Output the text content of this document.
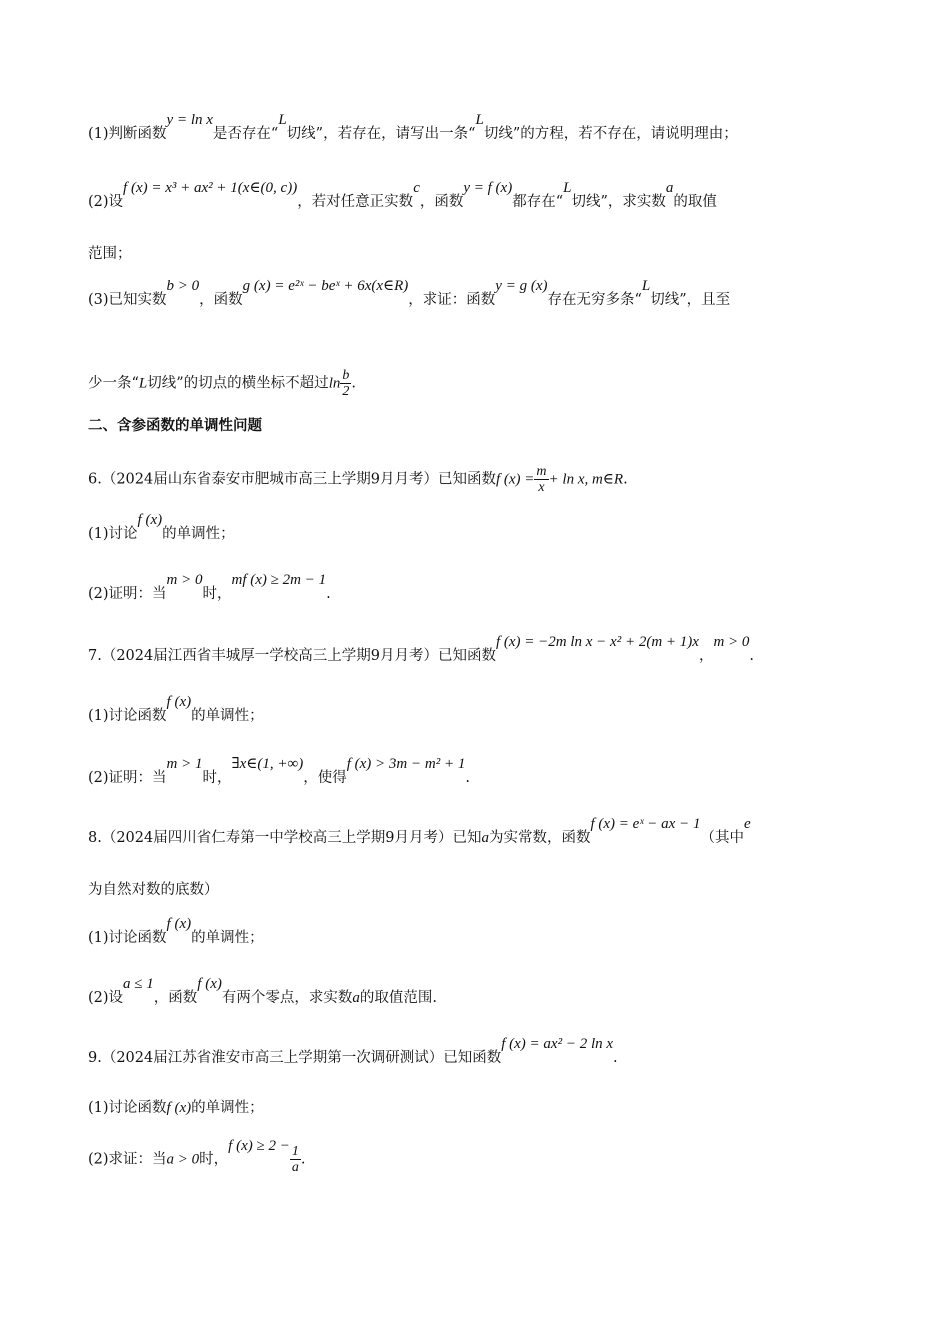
(1)判断函数y = ln x是否存在“L切线”，若存在，请写出一条“L切线”的方程，若不存在，请说明理由；
(2)设f (x) = x³ + ax² + 1(x∈(0, c))，若对任意正实数c，函数y = f (x)都存在“L切线”，求实数a的取值
范围；
(3)已知实数b > 0，函数g (x) = e²ˣ − beˣ + 6x(x∈R)，求证：函数y = g (x)存在无穷多条“L切线”，且至
少一条“L切线”的切点的横坐标不超过$\ln \frac{b}{2}$ .
二、含参函数的单调性问题
6.（2024届山东省泰安市肥城市高三上学期9月月考）已知函数f $(x) = \frac{m}{x} + \ln x$, m∈R.
(1)讨论f (x)的单调性；
(2)证明：当m > 0时，mf (x) ≥ 2m − 1.
7.（2024届江西省丰城厚一学校高三上学期9月月考）已知函数f (x) = −2m ln x − x² + 2(m + 1)x，m > 0.
(1)讨论函数f (x)的单调性；
(2)证明：当m > 1时，∃x∈(1, +∞)，使得f (x) > 3m − m² + 1.
8.（2024届四川省仁寿第一中学校高三上学期9月月考）已知a为实常数，函数f (x) = eˣ − ax − 1（其中e
为自然对数的底数）
(1)讨论函数f (x)的单调性；
(2)设a ≤ 1，函数f (x)有两个零点，求实数a的取值范围.
9.（2024届江苏省淮安市高三上学期第一次调研测试）已知函数f (x) = ax² − 2 ln x.
(1)讨论函数f (x)的单调性；
(2)求证：当a > 0时，f $(x) \ge 2 - \frac{1}{a}$ .
